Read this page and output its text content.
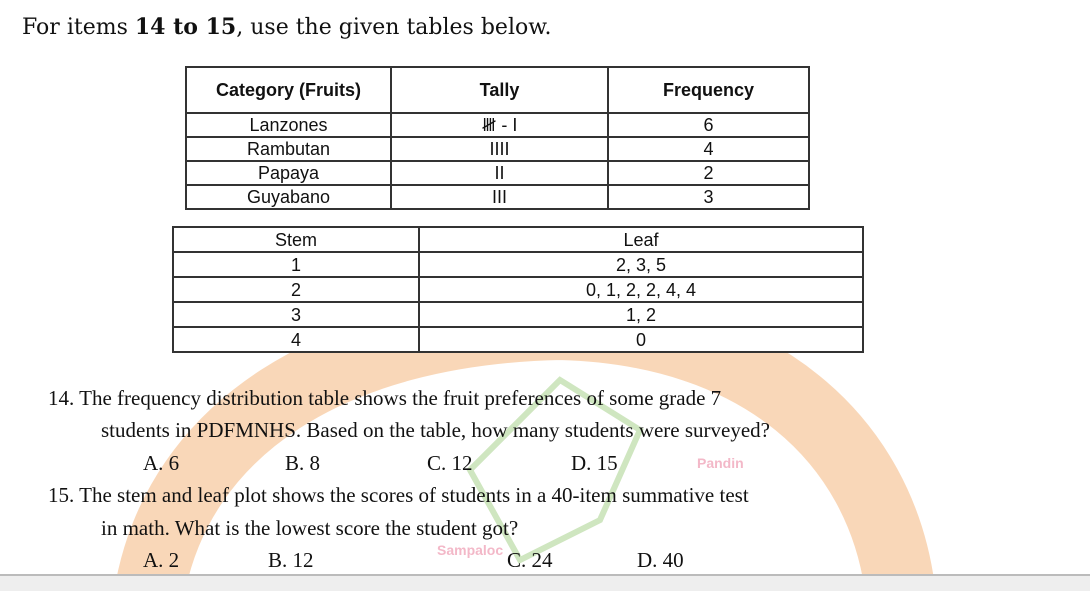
For items 14 to 15, use the given tables below.
Category (Fruits)	Tally	Frequency
Lanzones	𝍸 - I	6
Rambutan	IIII	4
Papaya	II	2
Guyabano	III	3
Stem	Leaf
1	2, 3, 5
2	0, 1, 2, 2, 4, 4
3	1, 2
4	0
Pandin
Sampaloc
14. The frequency distribution table shows the fruit preferences of some grade 7
students in PDFMNHS. Based on the table, how many students were surveyed?
A. 6	B. 8	C. 12	D. 15
15. The stem and leaf plot shows the scores of students in a 40-item summative test
in math. What is the lowest score the student got?
A. 2	B. 12	C. 24	D. 40
